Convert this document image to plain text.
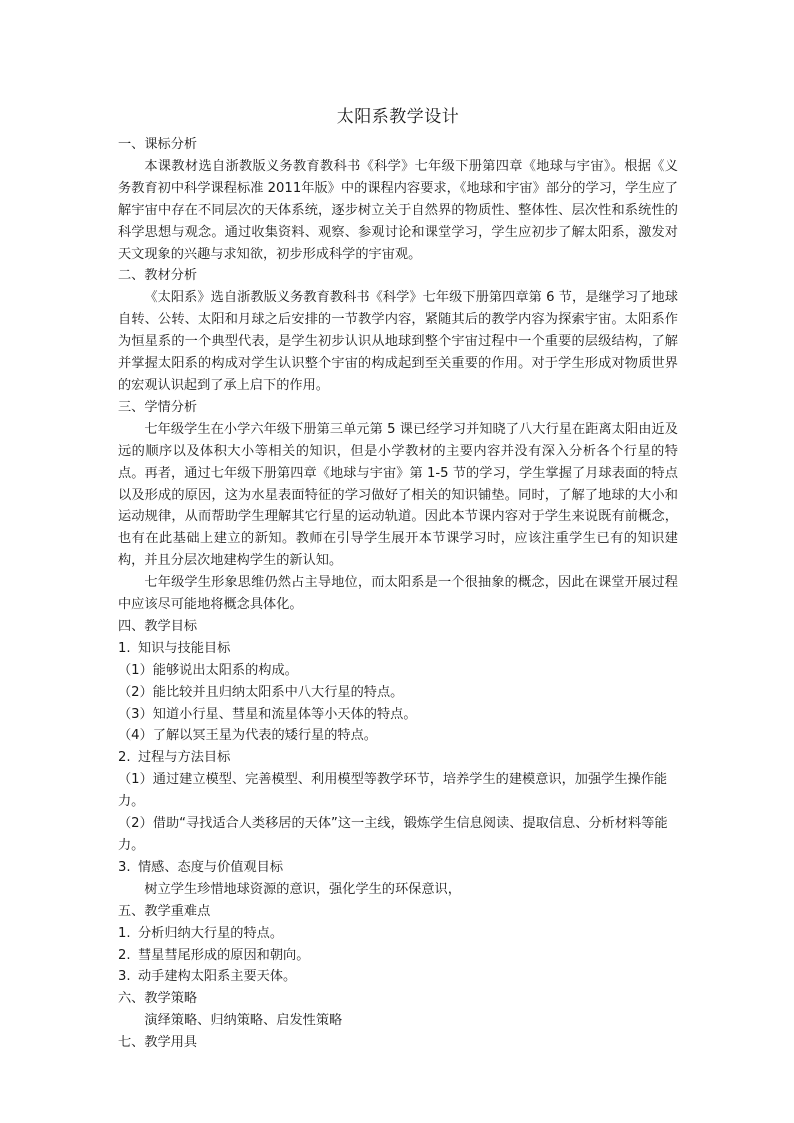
太阳系教学设计

一、课标分析

本课教材选自浙教版义务教育教科书《科学》七年级下册第四章《地球与宇宙》。根据《义务教育初中科学课程标准 2011年版》中的课程内容要求，《地球和宇宙》部分的学习，学生应了解宇宙中存在不同层次的天体系统，逐步树立关于自然界的物质性、整体性、层次性和系统性的科学思想与观念。通过收集资料、观察、参观讨论和课堂学习，学生应初步了解太阳系，激发对天文现象的兴趣与求知欲，初步形成科学的宇宙观。

二、教材分析

《太阳系》选自浙教版义务教育教科书《科学》七年级下册第四章第 6 节，是继学习了地球自转、公转、太阳和月球之后安排的一节教学内容，紧随其后的教学内容为探索宇宙。太阳系作为恒星系的一个典型代表，是学生初步认识从地球到整个宇宙过程中一个重要的层级结构，了解并掌握太阳系的构成对学生认识整个宇宙的构成起到至关重要的作用。对于学生形成对物质世界的宏观认识起到了承上启下的作用。

三、学情分析

七年级学生在小学六年级下册第三单元第 5 课已经学习并知晓了八大行星在距离太阳由近及远的顺序以及体积大小等相关的知识，但是小学教材的主要内容并没有深入分析各个行星的特点。再者，通过七年级下册第四章《地球与宇宙》第 1-5 节的学习，学生掌握了月球表面的特点以及形成的原因，这为水星表面特征的学习做好了相关的知识铺垫。同时，了解了地球的大小和运动规律，从而帮助学生理解其它行星的运动轨道。因此本节课内容对于学生来说既有前概念，也有在此基础上建立的新知。教师在引导学生展开本节课学习时，应该注重学生已有的知识建构，并且分层次地建构学生的新认知。

七年级学生形象思维仍然占主导地位，而太阳系是一个很抽象的概念，因此在课堂开展过程中应该尽可能地将概念具体化。

四、教学目标

1. 知识与技能目标

（1）能够说出太阳系的构成。

（2）能比较并且归纳太阳系中八大行星的特点。

（3）知道小行星、彗星和流星体等小天体的特点。

（4）了解以冥王星为代表的矮行星的特点。

2. 过程与方法目标

（1）通过建立模型、完善模型、利用模型等教学环节，培养学生的建模意识，加强学生操作能力。

（2）借助“寻找适合人类移居的天体”这一主线，锻炼学生信息阅读、提取信息、分析材料等能力。

3. 情感、态度与价值观目标

树立学生珍惜地球资源的意识，强化学生的环保意识，

五、教学重难点

1. 分析归纳大行星的特点。

2. 彗星彗尾形成的原因和朝向。

3. 动手建构太阳系主要天体。

六、教学策略

演绎策略、归纳策略、启发性策略

七、教学用具
